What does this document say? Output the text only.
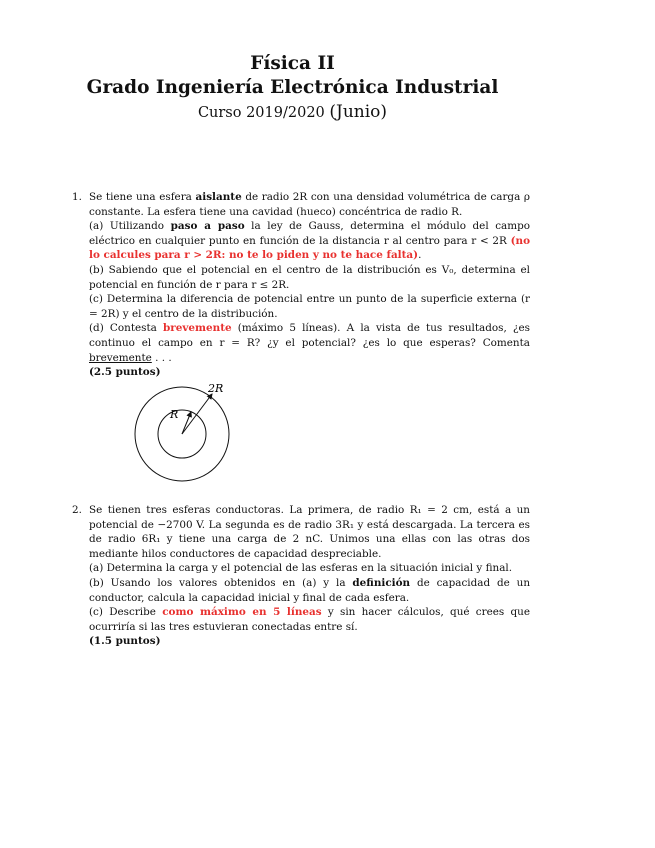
Física II
Grado Ingeniería Electrónica Industrial
Curso 2019/2020 (Junio)
1. Se tiene una esfera aislante de radio 2R con una densidad volumétrica de carga ρ constante. La esfera tiene una cavidad (hueco) concéntrica de radio R.

(a) Utilizando paso a paso la ley de Gauss, determina el módulo del campo eléctrico en cualquier punto en función de la distancia r al centro para r < 2R (no lo calcules para r > 2R: no te lo piden y no te hace falta).

(b) Sabiendo que el potencial en el centro de la distribución es V₀, determina el potencial en función de r para r ≤ 2R.

(c) Determina la diferencia de potencial entre un punto de la superficie externa (r = 2R) y el centro de la distribución.

(d) Contesta brevemente (máximo 5 líneas). A la vista de tus resultados, ¿es continuo el campo en r = R? ¿y el potencial? ¿es lo que esperas? Comenta brevemente . . .

(2.5 puntos)

2R
R
2. Se tienen tres esferas conductoras. La primera, de radio R₁ = 2 cm, está a un potencial de −2700 V. La segunda es de radio 3R₁ y está descargada. La tercera es de radio 6R₁ y tiene una carga de 2 nC. Unimos una ellas con las otras dos mediante hilos conductores de capacidad despreciable.

(a) Determina la carga y el potencial de las esferas en la situación inicial y final.

(b) Usando los valores obtenidos en (a) y la definición de capacidad de un conductor, calcula la capacidad inicial y final de cada esfera.

(c) Describe como máximo en 5 líneas y sin hacer cálculos, qué crees que ocurriría si las tres estuvieran conectadas entre sí.

(1.5 puntos)
